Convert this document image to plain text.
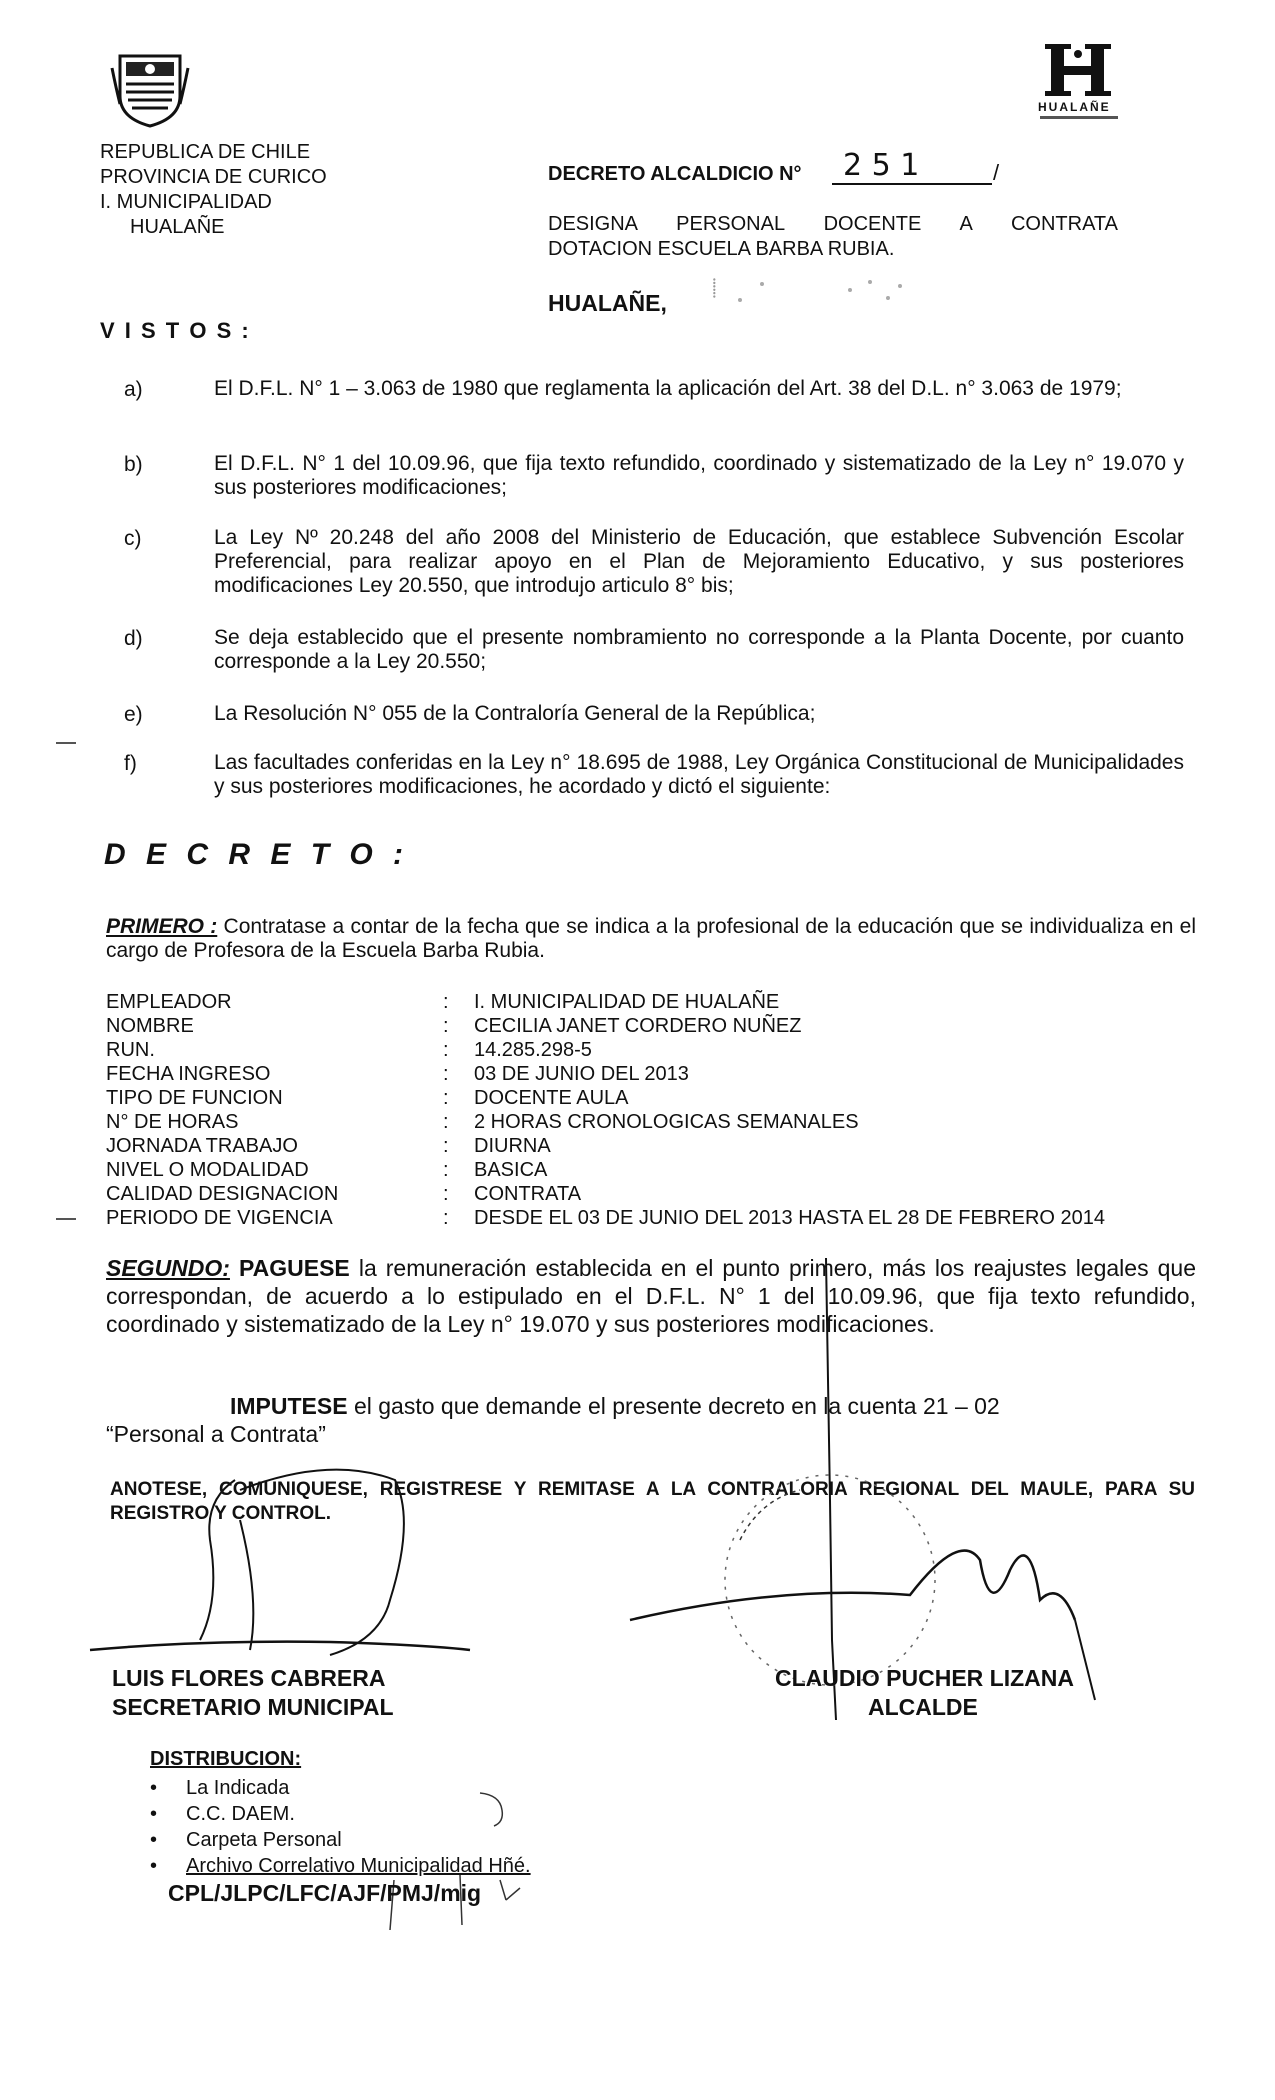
HUALAÑE
REPUBLICA DE CHILE
PROVINCIA DE CURICO
I. MUNICIPALIDAD
HUALAÑE
DECRETO ALCALDICIO N° 2 5 1	/
DESIGNA PERSONAL DOCENTE A CONTRATA
DOTACION ESCUELA BARBA RUBIA.
HUALAÑE,
⸽
V I S T O S :
a)	El D.F.L. N° 1 – 3.063 de 1980 que reglamenta la aplicación del Art. 38 del D.L. n° 3.063 de 1979;
b)	El D.F.L. N° 1 del 10.09.96, que fija texto refundido, coordinado y sistematizado de la Ley n° 19.070 y sus posteriores modificaciones;
c)	La Ley Nº 20.248 del año 2008 del Ministerio de Educación, que establece Subvención Escolar Preferencial, para realizar apoyo en el Plan de Mejoramiento Educativo, y sus posteriores modificaciones Ley 20.550, que introdujo articulo 8° bis;
d)	Se deja establecido que el presente nombramiento no corresponde a la Planta Docente, por cuanto corresponde a la Ley 20.550;
e)	La Resolución N° 055 de la Contraloría General de la República;
f)	Las facultades conferidas en la Ley n° 18.695 de 1988, Ley Orgánica Constitucional de Municipalidades y sus posteriores modificaciones, he acordado y dictó el siguiente:
D E C R E T O :
PRIMERO : Contratase a contar de la fecha que se indica a la profesional de la educación que se individualiza en el cargo de Profesora de la Escuela Barba Rubia.
EMPLEADOR	: I. MUNICIPALIDAD DE HUALAÑE
NOMBRE	: CECILIA JANET CORDERO NUÑEZ
RUN.	: 14.285.298-5
FECHA INGRESO	: 03 DE JUNIO DEL 2013
TIPO DE FUNCION	: DOCENTE AULA
N° DE HORAS	: 2 HORAS CRONOLOGICAS SEMANALES
JORNADA TRABAJO	: DIURNA
NIVEL O MODALIDAD	: BASICA
CALIDAD DESIGNACION	: CONTRATA
PERIODO DE VIGENCIA	: DESDE EL 03 DE JUNIO DEL 2013 HASTA EL 28 DE FEBRERO 2014
SEGUNDO: PAGUESE la remuneración establecida en el punto primero, más los reajustes legales que correspondan, de acuerdo a lo estipulado en el D.F.L. N° 1 del 10.09.96, que fija texto refundido, coordinado y sistematizado de la Ley n° 19.070 y sus posteriores modificaciones.
IMPUTESE el gasto que demande el presente decreto en la cuenta 21 – 02
“Personal a Contrata”
ANOTESE, COMUNIQUESE, REGISTRESE Y REMITASE A LA CONTRALORIA REGIONAL DEL MAULE, PARA SU REGISTRO Y CONTROL.
LUIS FLORES CABRERA
SECRETARIO MUNICIPAL
CLAUDIO PUCHER LIZANA
ALCALDE
DISTRIBUCION:
• La Indicada
• C.C. DAEM.
• Carpeta Personal
• Archivo Correlativo Municipalidad Hñé.
CPL/JLPC/LFC/AJF/PMJ/mig
